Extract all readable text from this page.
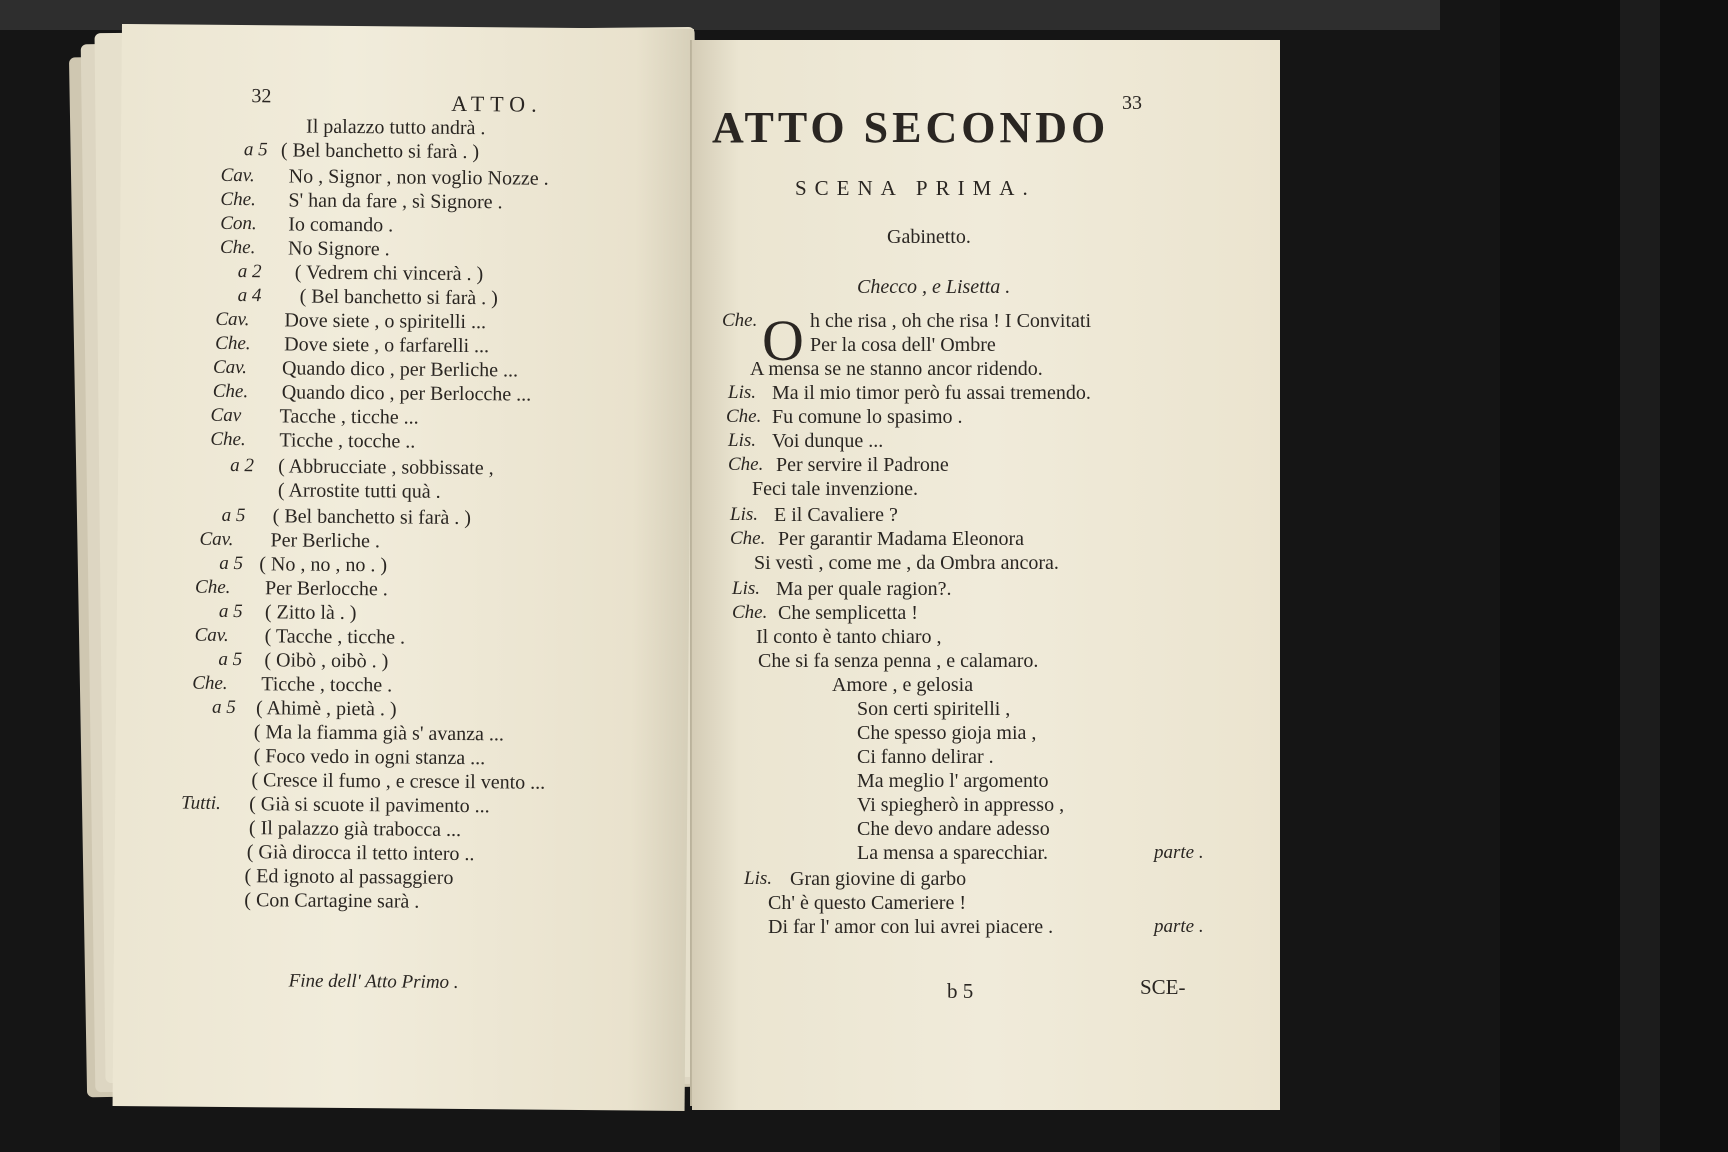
32	ATTO.
Il palazzo tutto andrà .
a 5 ( Bel banchetto si farà . )
Cav. No , Signor , non voglio Nozze .
Che. S' han da fare , sì Signore .
Con. Io comando .
Che. No Signore .
a 2 ( Vedrem chi vincerà . )
a 4 ( Bel banchetto si farà . )
Cav. Dove siete , o spiritelli ...
Che. Dove siete , o farfarelli ...
Cav. Quando dico , per Berliche ...
Che. Quando dico , per Berlocche ...
Cav Tacche , ticche ...
Che. Ticche , tocche ..
a 2 ( Abbrucciate , sobbissate ,
( Arrostite tutti quà .
a 5 ( Bel banchetto si farà . )
Cav. Per Berliche .
a 5 ( No , no , no . )
Che. Per Berlocche .
a 5 ( Zitto là . )
Cav. ( Tacche , ticche .
a 5 ( Oibò , oibò . )
Che. Ticche , tocche .
a 5 ( Ahimè , pietà . )
( Ma la fiamma già s' avanza ...
( Foco vedo in ogni stanza ...
( Cresce il fumo , e cresce il vento ...
Tutti. ( Già si scuote il pavimento ...
( Il palazzo già trabocca ...
( Già dirocca il tetto intero ..
( Ed ignoto al passaggiero
( Con Cartagine sarà .
Fine dell' Atto Primo .
33
ATTO SECONDO
SCENA PRIMA.
Gabinetto.
Checco , e Lisetta .
O
Che.	h che risa , oh che risa ! I Convitati
Per la cosa dell' Ombre
A mensa se ne stanno ancor ridendo.
Lis. Ma il mio timor però fu assai tremendo.
Che. Fu comune lo spasimo .
Lis. Voi dunque ...
Che. Per servire il Padrone
Feci tale invenzione.
Lis. E il Cavaliere ?
Che. Per garantir Madama Eleonora
Si vestì , come me , da Ombra ancora.
Lis. Ma per quale ragion?.
Che. Che semplicetta !
Il conto è tanto chiaro ,
Che si fa senza penna , e calamaro.
Amore , e gelosia
Son certi spiritelli ,
Che spesso gioja mia ,
Ci fanno delirar .
Ma meglio l' argomento
Vi spiegherò in appresso ,
Che devo andare adesso
La mensa a sparecchiar.	parte .
Lis. Gran giovine di garbo
Ch' è questo Cameriere !
Di far l' amor con lui avrei piacere .	parte .
b 5	SCE-
